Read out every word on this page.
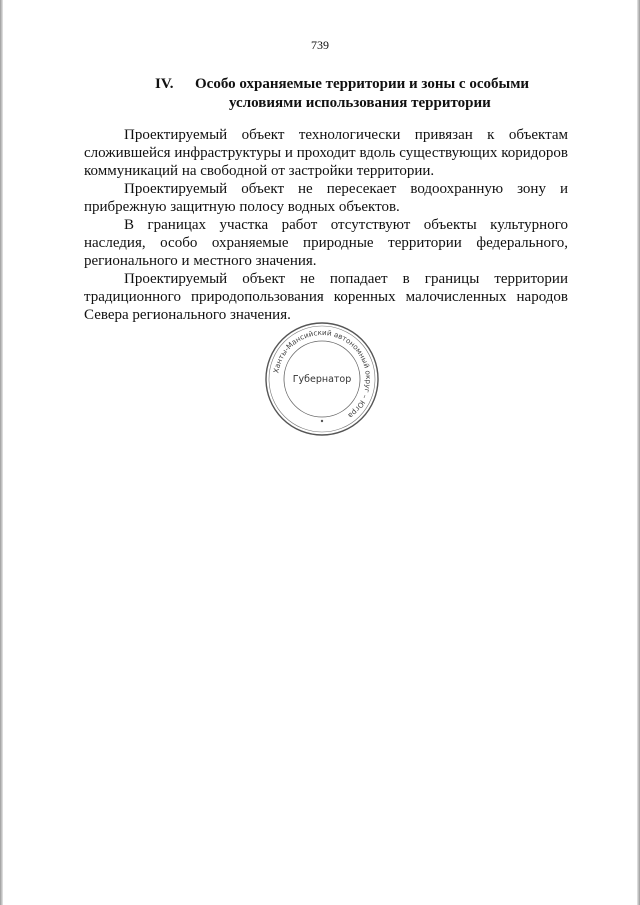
739
IV. Особо охраняемые территории и зоны с особыми
условиями использования территории

Проектируемый объект технологически привязан к объектам сложившейся инфраструктуры и проходит вдоль существующих коридоров коммуникаций на свободной от застройки территории.

Проектируемый объект не пересекает водоохранную зону и прибрежную защитную полосу водных объектов.

В границах участка работ отсутствуют объекты культурного наследия, особо охраняемые природные территории федерального, регионального и местного значения.

Проектируемый объект не попадает в границы территории традиционного природопользования коренных малочисленных народов Севера регионального значения.

Ханты-Мансийский автономный округ – Югра
Губернатор
